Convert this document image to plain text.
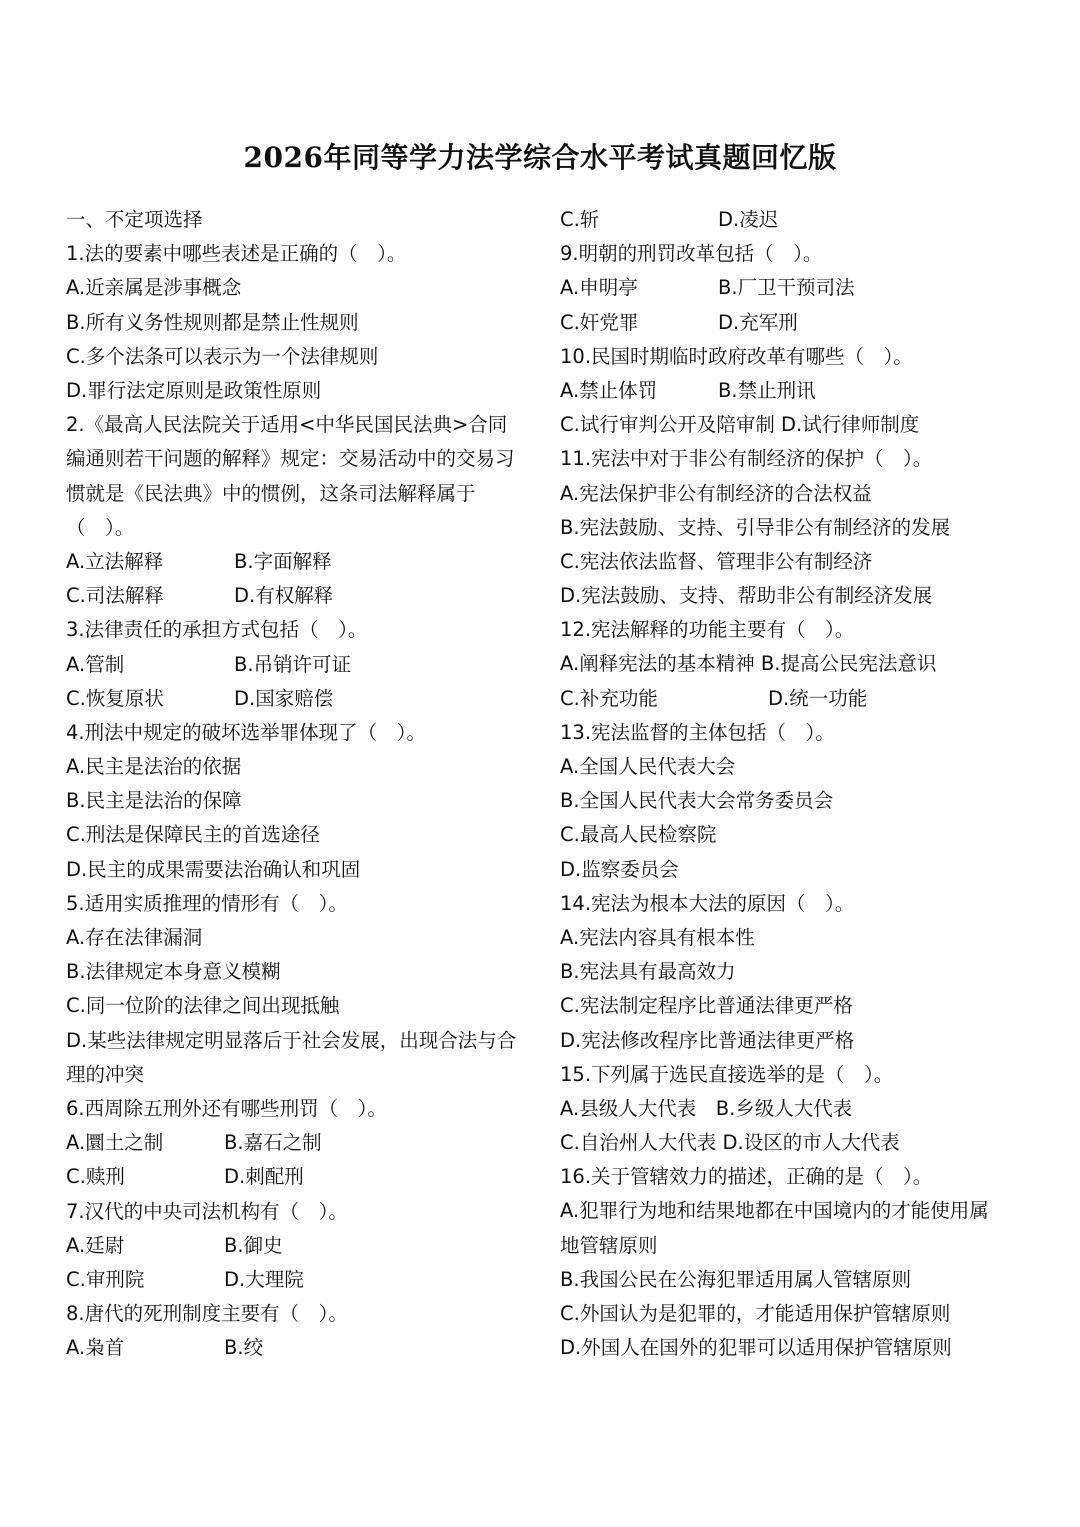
2026年同等学力法学综合水平考试真题回忆版
一、不定项选择
1.法的要素中哪些表述是正确的（　）。
A.近亲属是涉事概念
B.所有义务性规则都是禁止性规则
C.多个法条可以表示为一个法律规则
D.罪行法定原则是政策性原则
2.《最高人民法院关于适用<中华民国民法典>合同编通则若干问题的解释》规定：交易活动中的交易习惯就是《民法典》中的惯例，这条司法解释属于（　）。
A.立法解释	B.字面解释
C.司法解释	D.有权解释
3.法律责任的承担方式包括（　）。
A.管制	B.吊销许可证
C.恢复原状	D.国家赔偿
4.刑法中规定的破坏选举罪体现了（　）。
A.民主是法治的依据
B.民主是法治的保障
C.刑法是保障民主的首选途径
D.民主的成果需要法治确认和巩固
5.适用实质推理的情形有（　）。
A.存在法律漏洞
B.法律规定本身意义模糊
C.同一位阶的法律之间出现抵触
D.某些法律规定明显落后于社会发展，出现合法与合理的冲突
6.西周除五刑外还有哪些刑罚（　）。
A.圜土之制	B.嘉石之制
C.赎刑	D.刺配刑
7.汉代的中央司法机构有（　）。
A.廷尉	B.御史
C.审刑院	D.大理院
8.唐代的死刑制度主要有（　）。
A.枭首	B.绞
C.斩	D.凌迟
9.明朝的刑罚改革包括（　）。
A.申明亭	B.厂卫干预司法
C.奸党罪	D.充军刑
10.民国时期临时政府改革有哪些（　）。
A.禁止体罚	B.禁止刑讯
C.试行审判公开及陪审制 D.试行律师制度
11.宪法中对于非公有制经济的保护（　）。
A.宪法保护非公有制经济的合法权益
B.宪法鼓励、支持、引导非公有制经济的发展
C.宪法依法监督、管理非公有制经济
D.宪法鼓励、支持、帮助非公有制经济发展
12.宪法解释的功能主要有（　）。
A.阐释宪法的基本精神 B.提高公民宪法意识
C.补充功能	D.统一功能
13.宪法监督的主体包括（　）。
A.全国人民代表大会
B.全国人民代表大会常务委员会
C.最高人民检察院
D.监察委员会
14.宪法为根本大法的原因（　）。
A.宪法内容具有根本性
B.宪法具有最高效力
C.宪法制定程序比普通法律更严格
D.宪法修改程序比普通法律更严格
15.下列属于选民直接选举的是（　）。
A.县级人大代表　B.乡级人大代表
C.自治州人大代表 D.设区的市人大代表
16.关于管辖效力的描述，正确的是（　）。
A.犯罪行为地和结果地都在中国境内的才能使用属地管辖原则
B.我国公民在公海犯罪适用属人管辖原则
C.外国认为是犯罪的，才能适用保护管辖原则
D.外国人在国外的犯罪可以适用保护管辖原则
